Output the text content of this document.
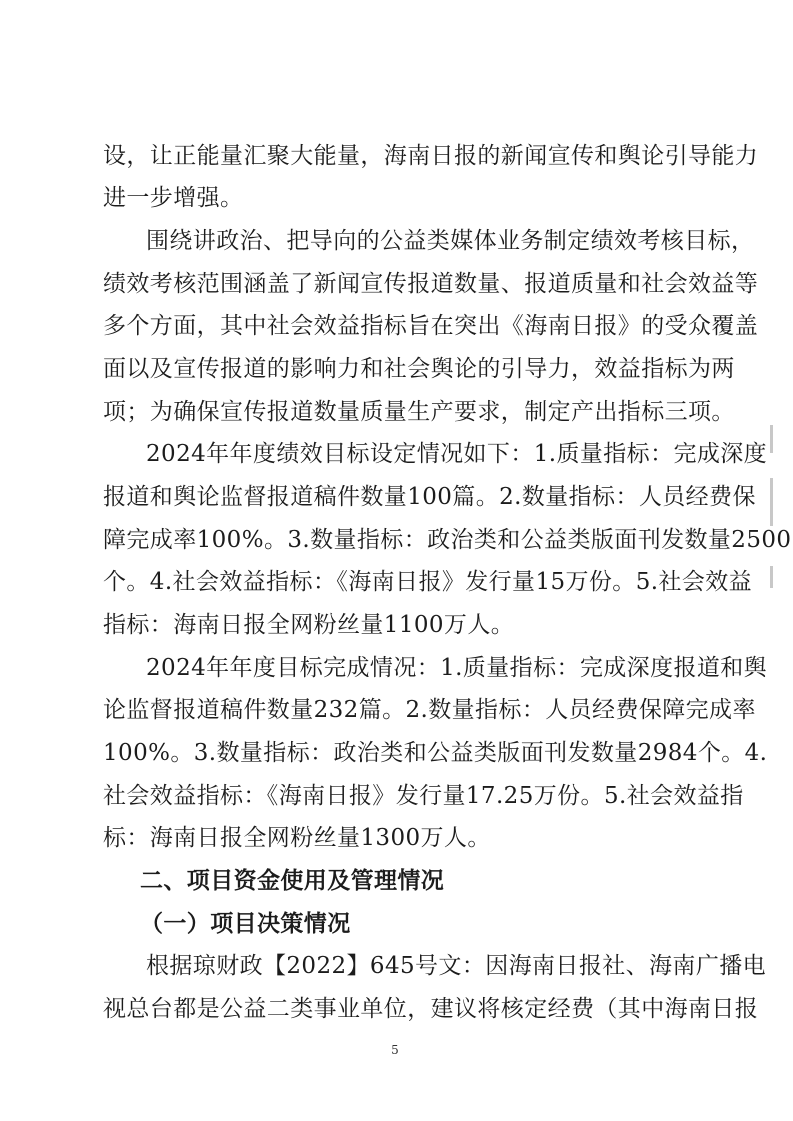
设，让正能量汇聚大能量，海南日报的新闻宣传和舆论引导能力
进一步增强。
围绕讲政治、把导向的公益类媒体业务制定绩效考核目标，
绩效考核范围涵盖了新闻宣传报道数量、报道质量和社会效益等
多个方面，其中社会效益指标旨在突出《海南日报》的受众覆盖
面以及宣传报道的影响力和社会舆论的引导力，效益指标为两
项；为确保宣传报道数量质量生产要求，制定产出指标三项。
2024年年度绩效目标设定情况如下：1.质量指标：完成深度
报道和舆论监督报道稿件数量100篇。2.数量指标：人员经费保
障完成率100%。3.数量指标：政治类和公益类版面刊发数量2500
个。4.社会效益指标：《海南日报》发行量15万份。5.社会效益
指标：海南日报全网粉丝量1100万人。
2024年年度目标完成情况：1.质量指标：完成深度报道和舆
论监督报道稿件数量232篇。2.数量指标：人员经费保障完成率
100%。3.数量指标：政治类和公益类版面刊发数量2984个。4.
社会效益指标：《海南日报》发行量17.25万份。5.社会效益指
标：海南日报全网粉丝量1300万人。
二、项目资金使用及管理情况
（一）项目决策情况
根据琼财政【2022】645号文：因海南日报社、海南广播电
视总台都是公益二类事业单位，建议将核定经费（其中海南日报
5
